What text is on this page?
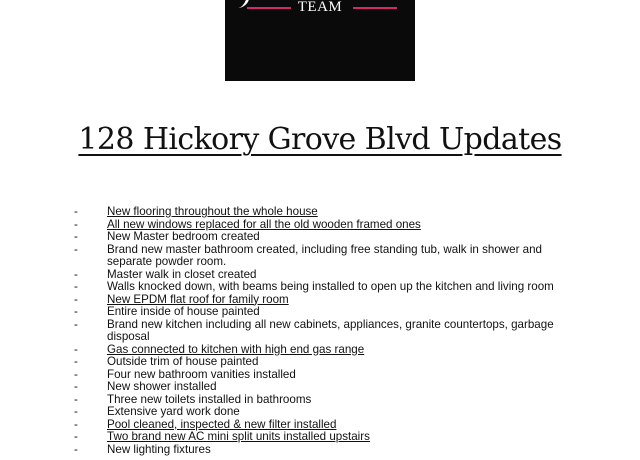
TEAM
128 Hickory Grove Blvd Updates
-	New flooring throughout the whole house
-	All new windows replaced for all the old wooden framed ones
-	New Master bedroom created
-	Brand new master bathroom created, including free standing tub, walk in shower and separate powder room.
-	Master walk in closet created
-	Walls knocked down, with beams being installed to open up the kitchen and living room
-	New EPDM flat roof for family room
-	Entire inside of house painted
-	Brand new kitchen including all new cabinets, appliances, granite countertops, garbage disposal
-	Gas connected to kitchen with high end gas range
-	Outside trim of house painted
-	Four new bathroom vanities installed
-	New shower installed
-	Three new toilets installed in bathrooms
-	Extensive yard work done
-	Pool cleaned, inspected & new filter installed
-	Two brand new AC mini split units installed upstairs
-	New lighting fixtures
